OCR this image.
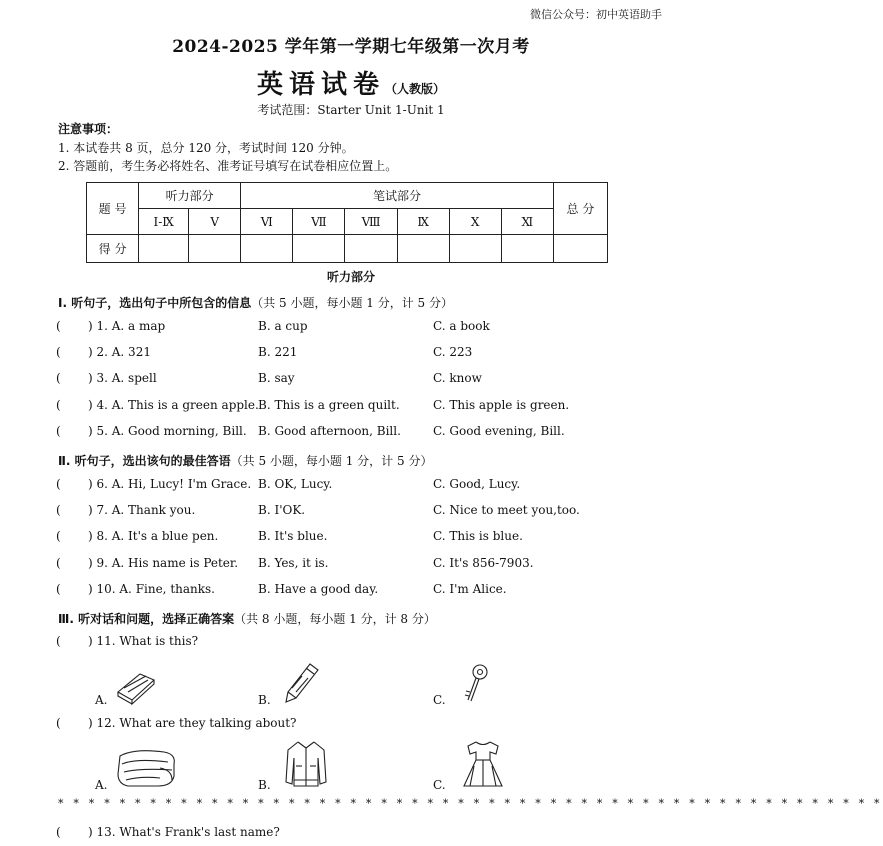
微信公众号：初中英语助手
2024-2025 学年第一学期七年级第一次月考
英语试卷（人教版）
考试范围：Starter Unit 1-Unit 1
注意事项：
1. 本试卷共 8 页，总分 120 分，考试时间 120 分钟。
2. 答题前，考生务必将姓名、准考证号填写在试卷相应位置上。
题 号	听力部分		笔试部分						总 分
	Ⅰ-Ⅸ	Ⅴ	Ⅵ	Ⅶ	Ⅷ	Ⅸ	Ⅹ	Ⅺ	
得 分									
听力部分
Ⅰ. 听句子，选出句子中所包含的信息（共 5 小题，每小题 1 分，计 5 分）
( ) 1. A. a map	B. a cup	C. a book
( ) 2. A. 321	B. 221	C. 223
( ) 3. A. spell	B. say	C. know
( ) 4. A. This is a green apple. B. This is a green quilt.	C. This apple is green.
( ) 5. A. Good morning, Bill. B. Good afternoon, Bill.	C. Good evening, Bill.
Ⅱ. 听句子，选出该句的最佳答语（共 5 小题，每小题 1 分，计 5 分）
( ) 6. A. Hi, Lucy! I'm Grace. B. OK, Lucy.	C. Good, Lucy.
( ) 7. A. Thank you.	B. I'OK.	C. Nice to meet you,too.
( ) 8. A. It's a blue pen.	B. It's blue.	C. This is blue.
( ) 9. A. His name is Peter. B. Yes, it is.	C. It's 856-7903.
( ) 10. A. Fine, thanks.	B. Have a good day.	C. I'm Alice.
Ⅲ. 听对话和问题，选择正确答案（共 8 小题，每小题 1 分，计 8 分）
( ) 11. What is this?
A.	B.	C.
( ) 12. What are they talking about?
A.	B.	C.
* * * * * * * * * * * * * * * * * * * * * * * * * * * * * * * * * * * * * * * * * * * * * * * * * * * * * *
( ) 13. What's Frank's last name?
